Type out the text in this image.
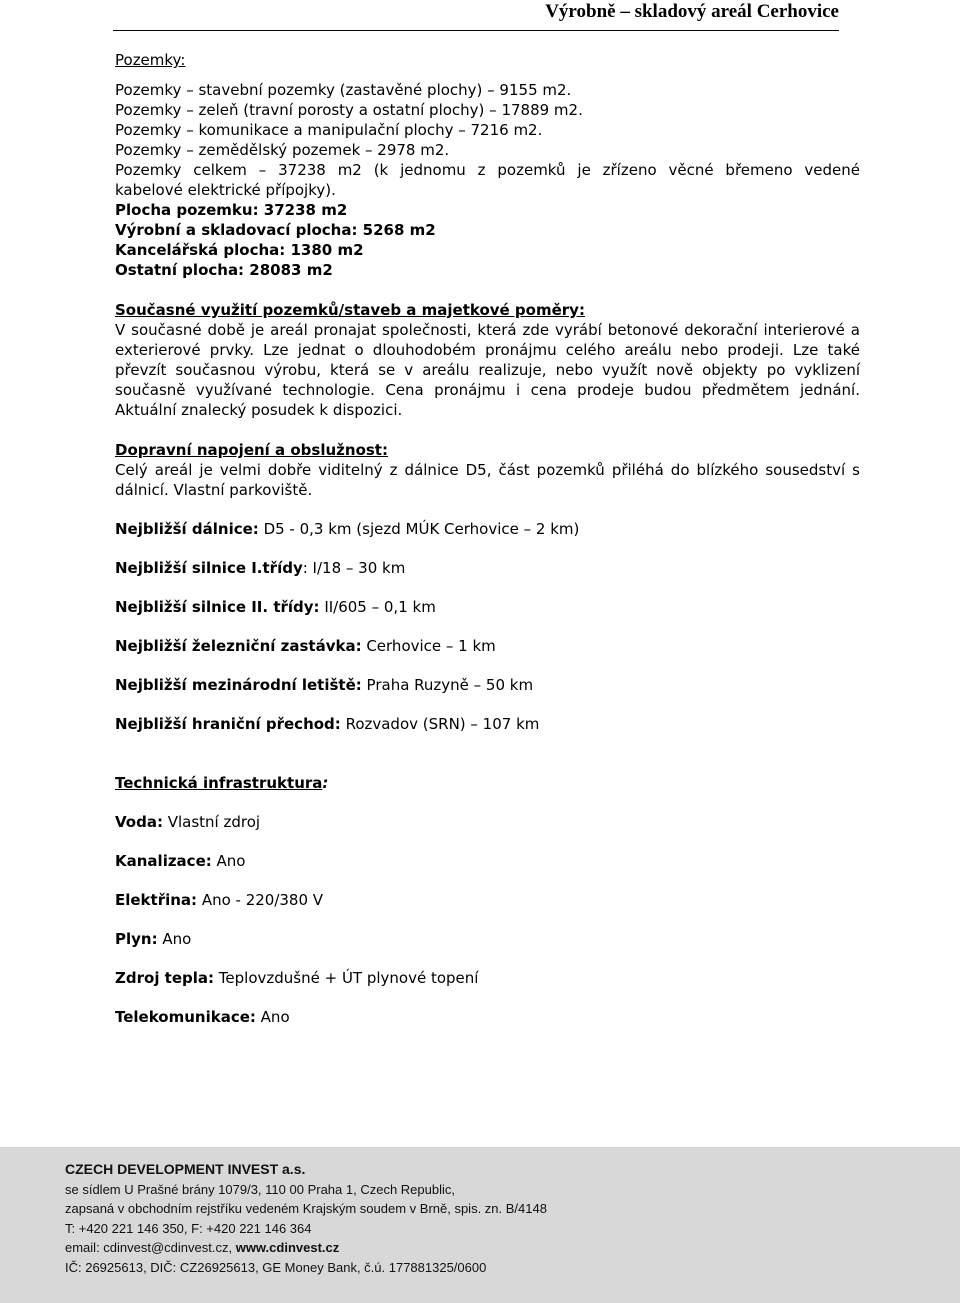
Výrobně – skladový areál Cerhovice

Pozemky:

Pozemky – stavební pozemky (zastavěné plochy) – 9155 m2.

Pozemky – zeleň (travní porosty a ostatní plochy) – 17889 m2.

Pozemky – komunikace a manipulační plochy – 7216 m2.

Pozemky – zemědělský pozemek – 2978 m2.

Pozemky celkem – 37238 m2 (k jednomu z pozemků je zřízeno věcné břemeno vedené

kabelové elektrické přípojky).

Plocha pozemku: 37238 m2

Výrobní a skladovací plocha: 5268 m2

Kancelářská plocha: 1380 m2

Ostatní plocha: 28083 m2

Současné využití pozemků/staveb a majetkové poměry:

V současné době je areál pronajat společnosti, která zde vyrábí betonové dekorační interierové a exterierové prvky. Lze jednat o dlouhodobém pronájmu celého areálu nebo prodeji. Lze také převzít současnou výrobu, která se v areálu realizuje, nebo využít nově objekty po vyklizení současně využívané technologie. Cena pronájmu i cena prodeje budou předmětem jednání. Aktuální znalecký posudek k dispozici.

Dopravní napojení a obslužnost:

Celý areál je velmi dobře viditelný z dálnice D5, část pozemků přiléhá do blízkého sousedství s dálnicí. Vlastní parkoviště.

Nejbližší dálnice: D5 - 0,3 km (sjezd MÚK Cerhovice – 2 km)

Nejbližší silnice I.třídy: I/18 – 30 km

Nejbližší silnice II. třídy: II/605 – 0,1 km

Nejbližší železniční zastávka: Cerhovice – 1 km

Nejbližší mezinárodní letiště: Praha Ruzyně – 50 km

Nejbližší hraniční přechod: Rozvadov (SRN) – 107 km

Technická infrastruktura:

Voda: Vlastní zdroj

Kanalizace: Ano

Elektřina: Ano - 220/380 V

Plyn: Ano

Zdroj tepla: Teplovzdušné + ÚT plynové topení

Telekomunikace: Ano

CZECH DEVELOPMENT INVEST a.s.
se sídlem U Prašné brány 1079/3, 110 00 Praha 1, Czech Republic,
zapsaná v obchodním rejstříku vedeném Krajským soudem v Brně, spis. zn. B/4148
T: +420 221 146 350, F: +420 221 146 364
email: cdinvest@cdinvest.cz, www.cdinvest.cz
IČ: 26925613, DIČ: CZ26925613, GE Money Bank, č.ú. 177881325/0600
